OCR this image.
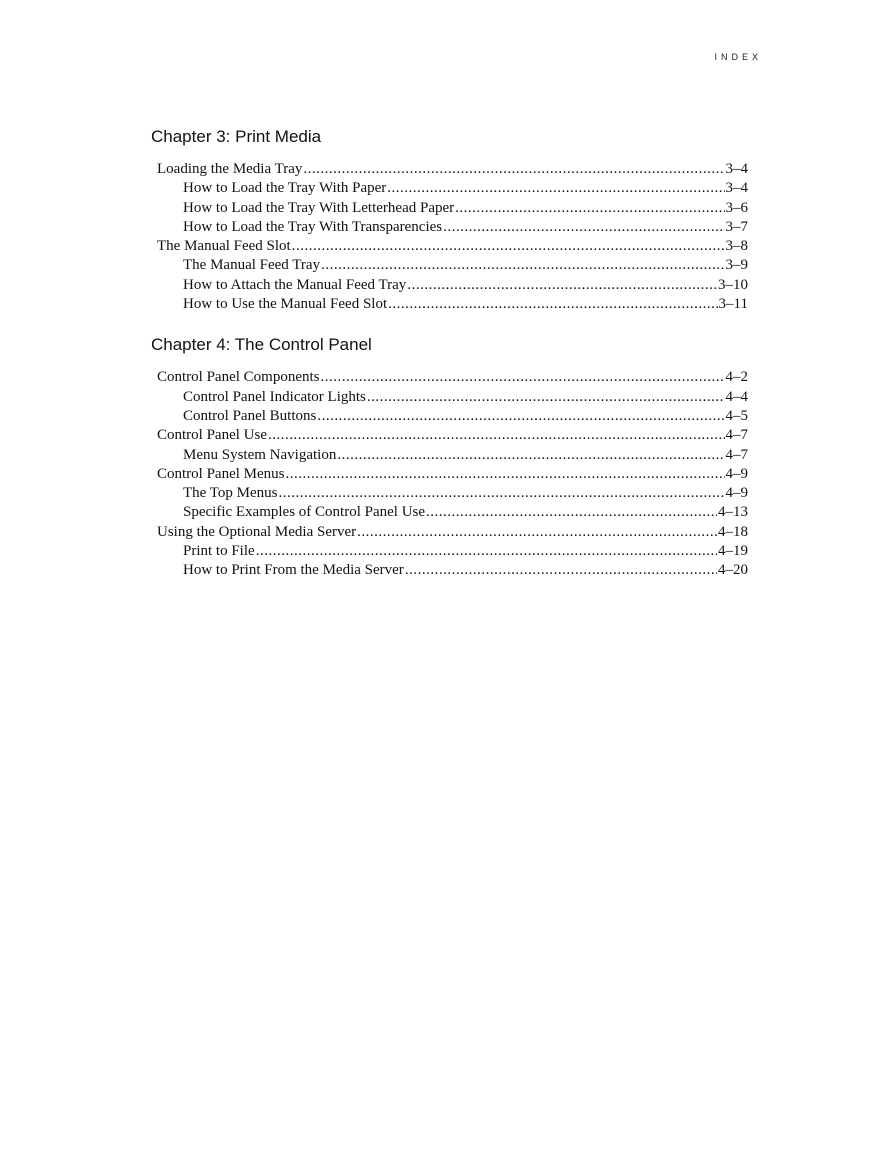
INDEX
Chapter 3: Print Media
Loading the Media Tray .....	3–4
How to Load the Tray With Paper .....	3–4
How to Load the Tray With Letterhead Paper .....	3–6
How to Load the Tray With Transparencies .....	3–7
The Manual Feed Slot .....	3–8
The Manual Feed Tray .....	3–9
How to Attach the Manual Feed Tray .....	3–10
How to Use the Manual Feed Slot .....	3–11
Chapter 4: The Control Panel
Control Panel Components .....	4–2
Control Panel Indicator Lights .....	4–4
Control Panel Buttons .....	4–5
Control Panel Use .....	4–7
Menu System Navigation .....	4–7
Control Panel Menus .....	4–9
The Top Menus .....	4–9
Specific Examples of Control Panel Use .....	4–13
Using the Optional Media Server .....	4–18
Print to File .....	4–19
How to Print From the Media Server .....	4–20
